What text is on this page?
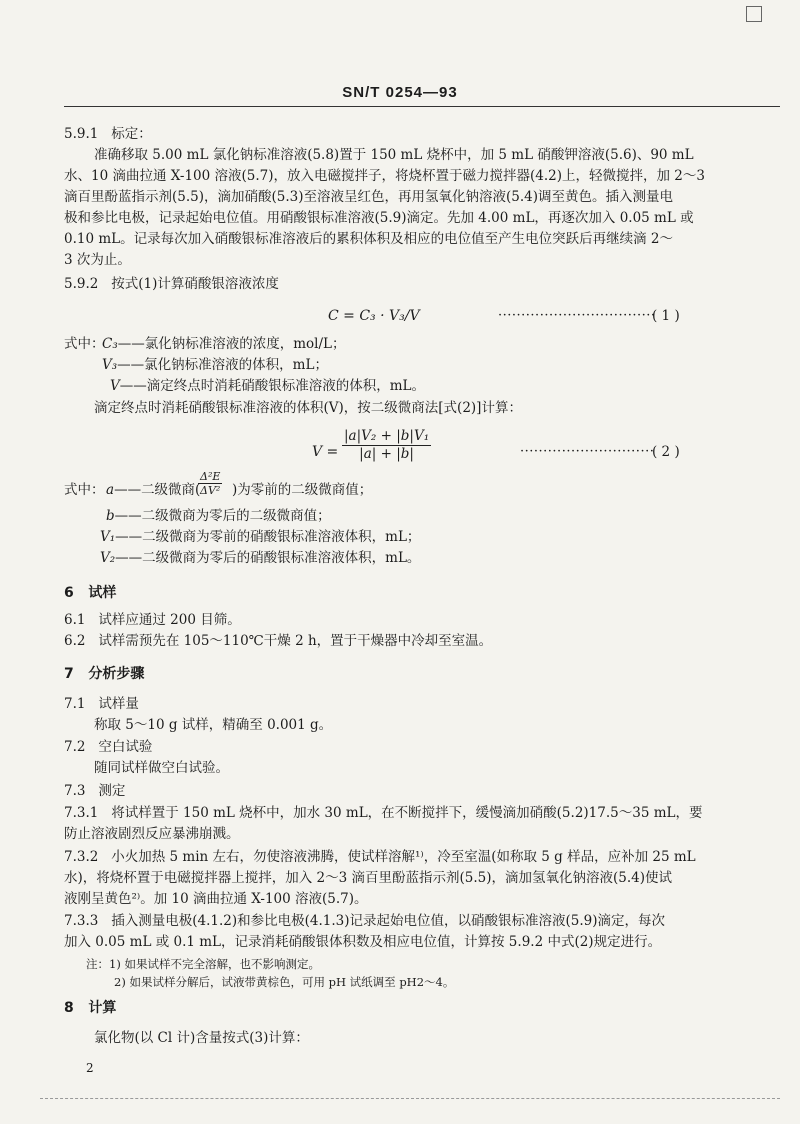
SN/T 0254—93
5.9.1 标定：
准确移取 5.00 mL 氯化钠标准溶液(5.8)置于 150 mL 烧杯中，加 5 mL 硝酸钾溶液(5.6)、90 mL
水、10 滴曲拉通 X-100 溶液(5.7)，放入电磁搅拌子，将烧杯置于磁力搅拌器(4.2)上，轻微搅拌，加 2～3
滴百里酚蓝指示剂(5.5)，滴加硝酸(5.3)至溶液呈红色，再用氢氧化钠溶液(5.4)调至黄色。插入测量电
极和参比电极，记录起始电位值。用硝酸银标准溶液(5.9)滴定。先加 4.00 mL，再逐次加入 0.05 mL 或
0.10 mL。记录每次加入硝酸银标准溶液后的累积体积及相应的电位值至产生电位突跃后再继续滴 2～
3 次为止。
5.9.2 按式(1)计算硝酸银溶液浓度
C = C₃ · V₃/V	··································
( 1 )
式中：
C₃——氯化钠标准溶液的浓度，mol/L；
V₃——氯化钠标准溶液的体积，mL；
V——滴定终点时消耗硝酸银标准溶液的体积，mL。
滴定终点时消耗硝酸银标准溶液的体积(V)，按二级微商法[式(2)]计算：
$V = \frac{\text{|a|V₂ + |b|V₁}}{|a| + |b|}$	·····························
( 2 )
式中： a——二级微商(
$\frac{\text{Δ²E}}{\text{ΔV²}}$ )为零前的二级微商值；
b——二级微商为零后的二级微商值；
V₁——二级微商为零前的硝酸银标准溶液体积，mL；
V₂——二级微商为零后的硝酸银标准溶液体积，mL。
6 试样
6.1 试样应通过 200 目筛。
6.2 试样需预先在 105～110℃干燥 2 h，置于干燥器中冷却至室温。
7 分析步骤
7.1 试样量
称取 5～10 g 试样，精确至 0.001 g。
7.2 空白试验
随同试样做空白试验。
7.3 测定
7.3.1 将试样置于 150 mL 烧杯中，加水 30 mL，在不断搅拌下，缓慢滴加硝酸(5.2)17.5～35 mL，要
防止溶液剧烈反应暴沸崩溅。
7.3.2 小火加热 5 min 左右，勿使溶液沸腾，使试样溶解¹⁾，冷至室温(如称取 5 g 样品，应补加 25 mL
水)，将烧杯置于电磁搅拌器上搅拌，加入 2～3 滴百里酚蓝指示剂(5.5)，滴加氢氧化钠溶液(5.4)使试
液刚呈黄色²⁾。加 10 滴曲拉通 X-100 溶液(5.7)。
7.3.3 插入测量电极(4.1.2)和参比电极(4.1.3)记录起始电位值，以硝酸银标准溶液(5.9)滴定，每次
加入 0.05 mL 或 0.1 mL，记录消耗硝酸银体积数及相应电位值，计算按 5.9.2 中式(2)规定进行。
注：1) 如果试样不完全溶解，也不影响测定。
2) 如果试样分解后，试液带黄棕色，可用 pH 试纸调至 pH2～4。
8 计算
氯化物(以 Cl 计)含量按式(3)计算：
2
